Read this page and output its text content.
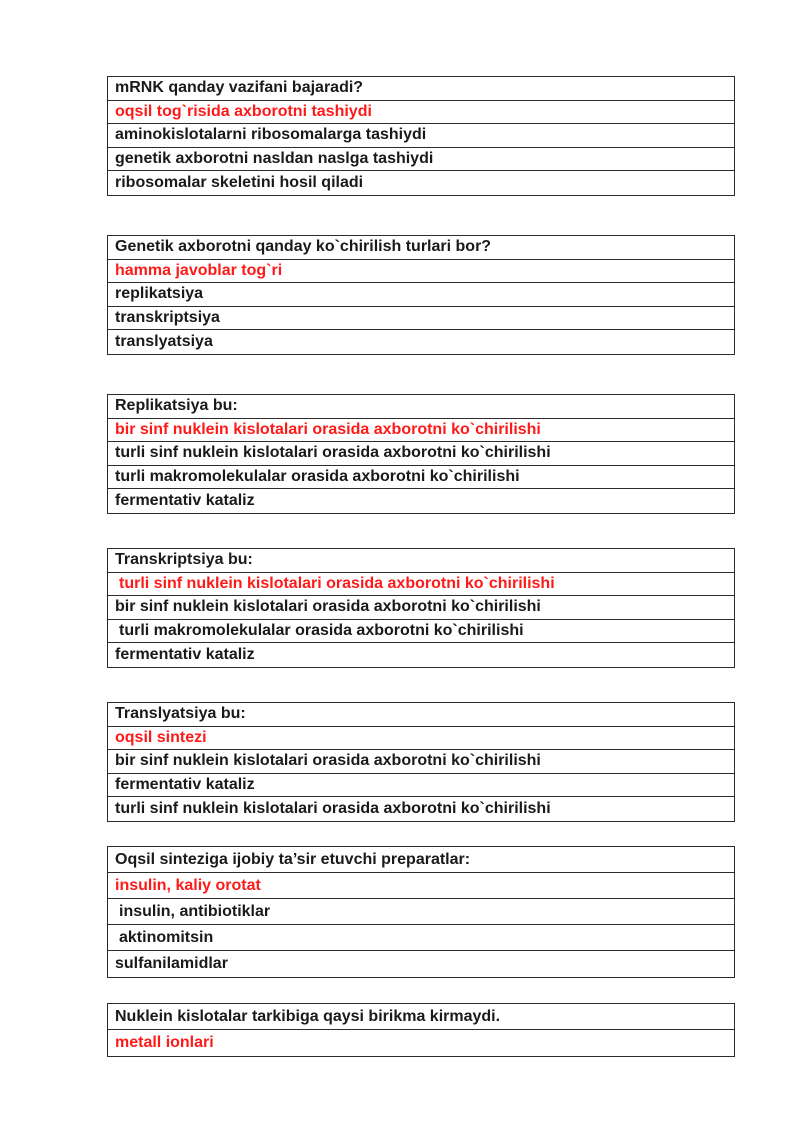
mRNK qanday vazifani bajaradi?
oqsil tog`risida axborotni tashiydi
aminokislotalarni ribosomalarga tashiydi
genetik axborotni nasldan naslga tashiydi
ribosomalar skeletini hosil qiladi
Genetik axborotni qanday ko`chirilish turlari bor?
hamma javoblar tog`ri
replikatsiya
transkriptsiya
translyatsiya
Replikatsiya bu:
bir sinf nuklein kislotalari orasida axborotni ko`chirilishi
turli sinf nuklein kislotalari orasida axborotni ko`chirilishi
turli makromolekulalar orasida axborotni ko`chirilishi
fermentativ kataliz
Transkriptsiya bu:
turli sinf nuklein kislotalari orasida axborotni ko`chirilishi
bir sinf nuklein kislotalari orasida axborotni ko`chirilishi
turli makromolekulalar orasida axborotni ko`chirilishi
fermentativ kataliz
Translyatsiya bu:
oqsil sintezi
bir sinf nuklein kislotalari orasida axborotni ko`chirilishi
fermentativ kataliz
turli sinf nuklein kislotalari orasida axborotni ko`chirilishi
Oqsil sinteziga ijobiy ta’sir etuvchi preparatlar:
insulin, kaliy orotat
insulin, antibiotiklar
aktinomitsin
sulfanilamidlar
Nuklein kislotalar tarkibiga qaysi birikma kirmaydi.
metall ionlari
